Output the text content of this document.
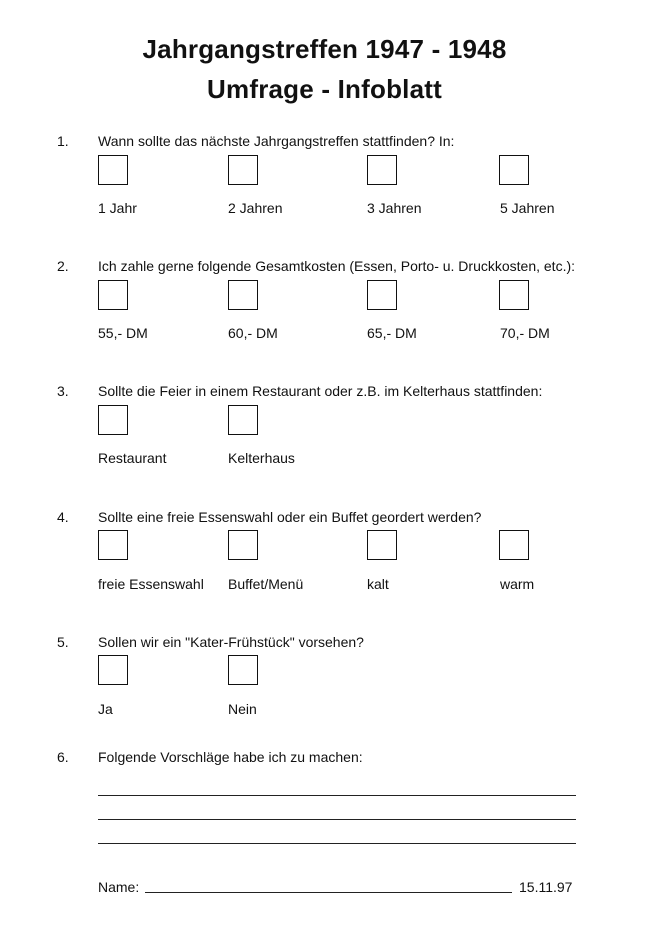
Jahrgangstreffen 1947 - 1948
Umfrage - Infoblatt
1. Wann sollte das nächste Jahrgangstreffen stattfinden? In:
1 Jahr	2 Jahren	3 Jahren	5 Jahren
2. Ich zahle gerne folgende Gesamtkosten (Essen, Porto- u. Druckkosten, etc.):
55,- DM	60,- DM	65,- DM	70,- DM
3. Sollte die Feier in einem Restaurant oder z.B. im Kelterhaus stattfinden:
Restaurant	Kelterhaus
4. Sollte eine freie Essenswahl oder ein Buffet geordert werden?
freie Essenswahl Buffet/Menü	kalt	warm
5. Sollen wir ein "Kater-Frühstück" vorsehen?
Ja	Nein
6. Folgende Vorschläge habe ich zu machen:
Name:	15.11.97
